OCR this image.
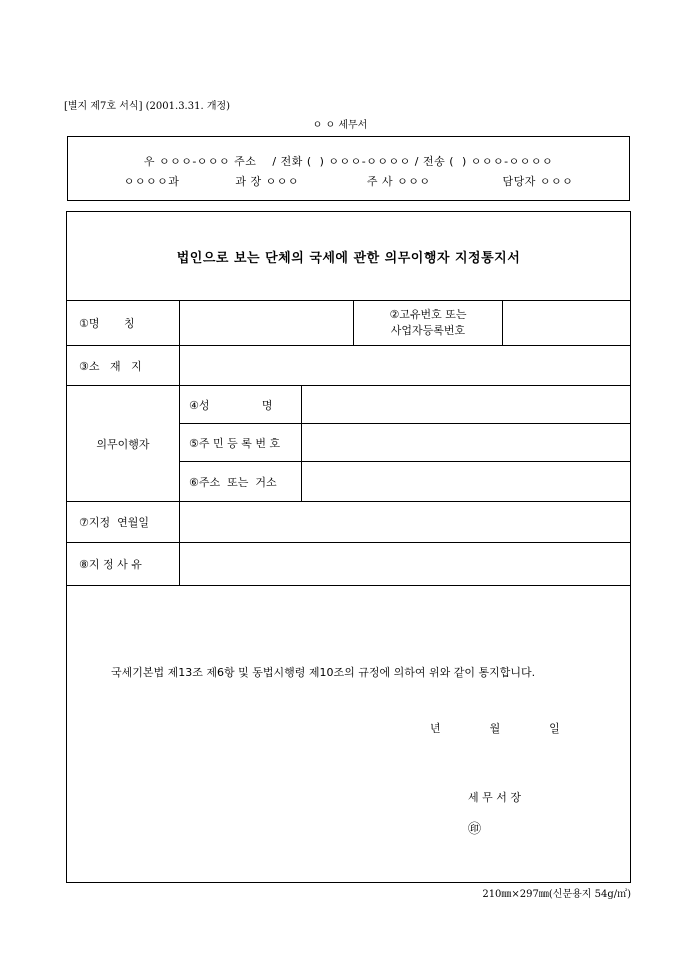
[별지 제7호 서식] (2001.3.31. 개정)
ㅇ ㅇ 세무서
우 ㅇㅇㅇ-ㅇㅇㅇ 주소    / 전화 (  ) ㅇㅇㅇ-ㅇㅇㅇㅇ / 전송 (  ) ㅇㅇㅇ-ㅇㅇㅇㅇ
ㅇㅇㅇㅇ과              과 장 ㅇㅇㅇ                 주 사 ㅇㅇㅇ                  담당자 ㅇㅇㅇ
법인으로 보는 단체의 국세에 관한 의무이행자 지정통지서
①명       칭
②고유번호 또는
사업자등록번호
③소   재   지
의무이행자
④성               명
⑤주 민 등 록 번 호
⑥주소  또는  거소
⑦지정  연월일
⑧지 정 사 유
국세기본법 제13조 제6항 및 동법시행령 제10조의 규정에 의하여 위와 같이 통지합니다.
년              월              일

세 무 서 장

㊞

210㎜×297㎜(신문용지 54g/㎡)
